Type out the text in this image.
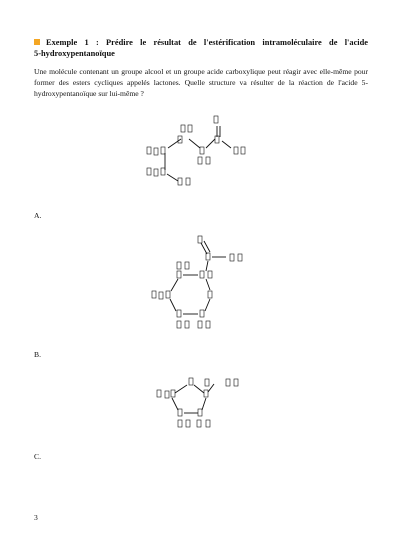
Exemple 1 : Prédire le résultat de l'estérification intramoléculaire de l'acide
5-hydroxypentanoïque
Une molécule contenant un groupe alcool et un groupe acide carboxylique peut réagir avec elle-même pour former des esters cycliques appelés lactones. Quelle structure va résulter de la réaction de l'acide 5-hydroxypentanoïque sur lui-même ?
A.
B.
C.
3
